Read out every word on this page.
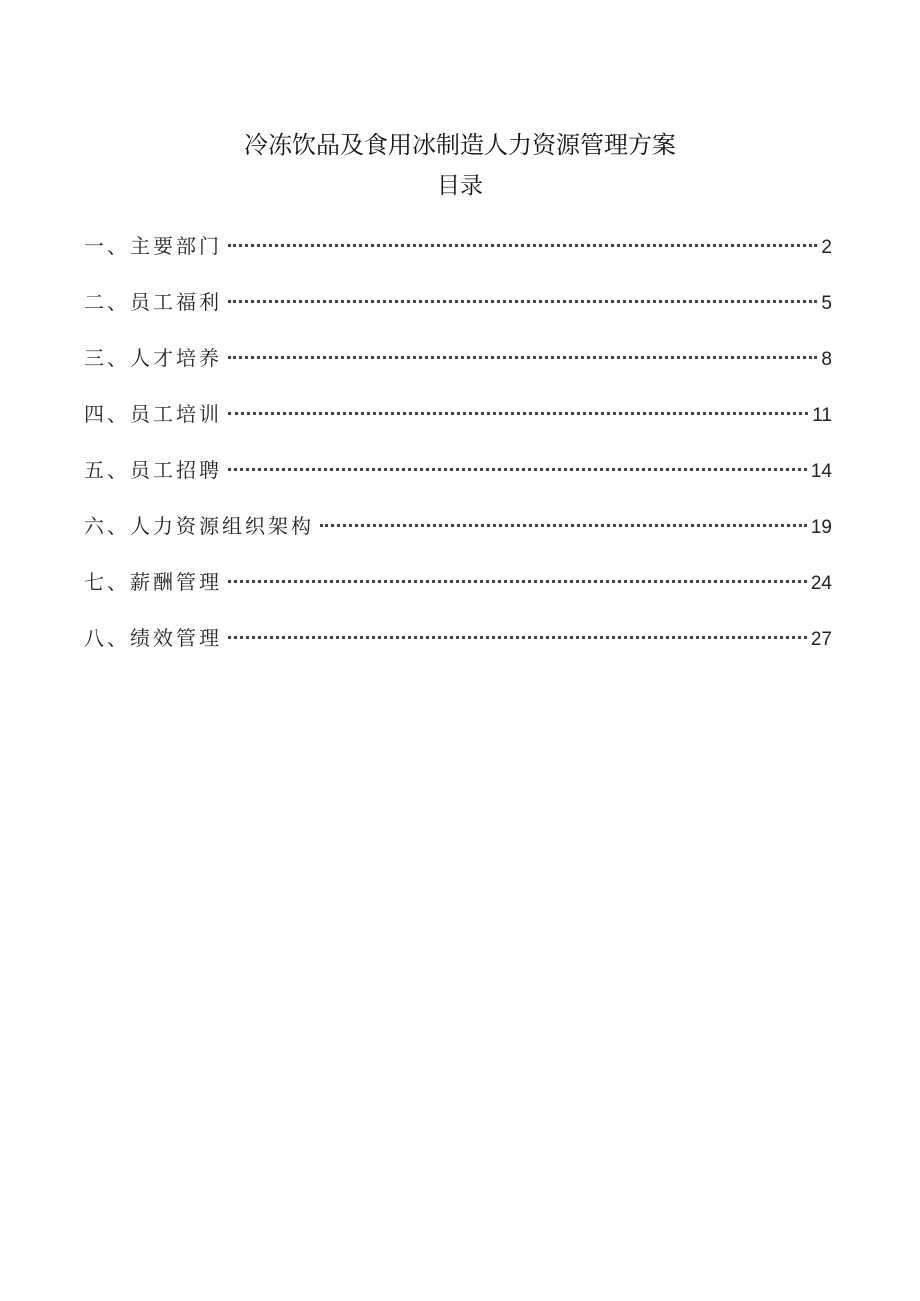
冷冻饮品及食用冰制造人力资源管理方案
目录
一、主要部门	2
二、员工福利	5
三、人才培养	8
四、员工培训	11
五、员工招聘	14
六、人力资源组织架构	19
七、薪酬管理	24
八、绩效管理	27
